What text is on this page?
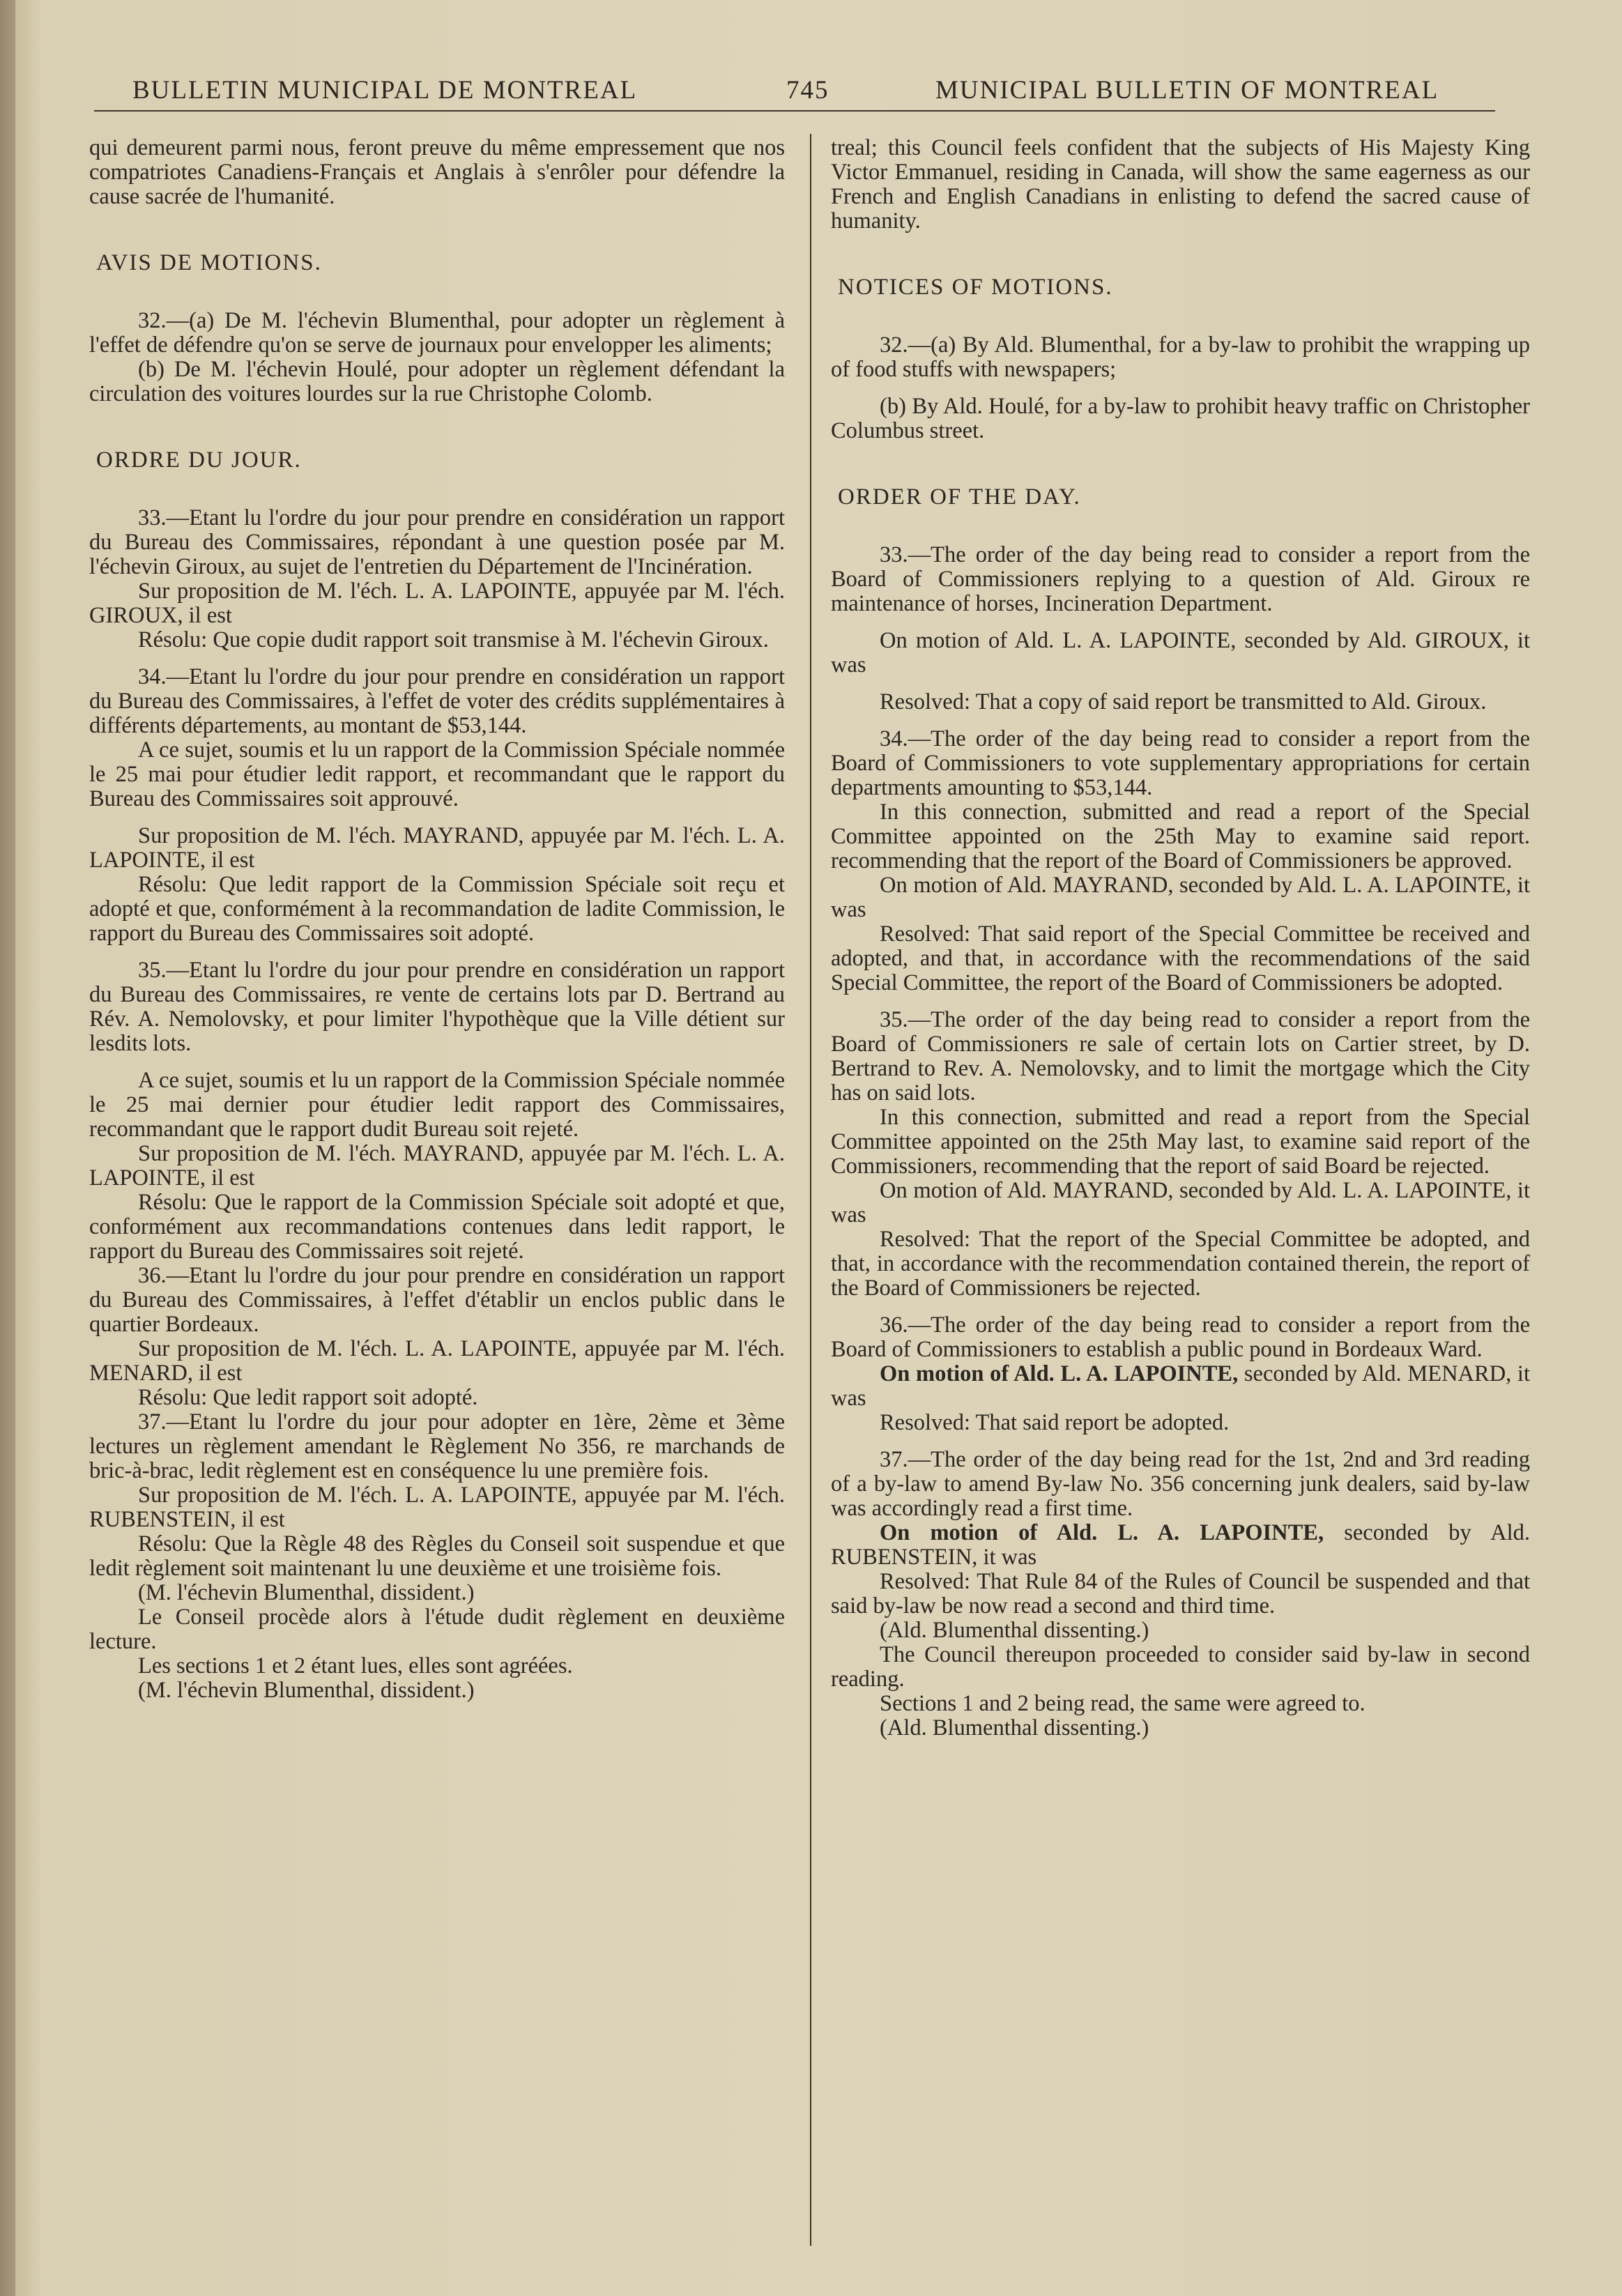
BULLETIN MUNICIPAL DE MONTREAL	745	MUNICIPAL BULLETIN OF MONTREAL

qui demeurent parmi nous, feront preuve du même empressement que nos compatriotes Canadiens-Français et Anglais à s'enrôler pour défendre la cause sacrée de l'humanité.

AVIS DE MOTIONS.

32.—(a) De M. l'échevin Blumenthal, pour adopter un règlement à l'effet de défendre qu'on se serve de journaux pour envelopper les aliments;

(b) De M. l'échevin Houlé, pour adopter un règlement défendant la circulation des voitures lourdes sur la rue Christophe Colomb.

ORDRE DU JOUR.

33.—Etant lu l'ordre du jour pour prendre en considération un rapport du Bureau des Commissaires, répondant à une question posée par M. l'échevin Giroux, au sujet de l'entretien du Département de l'Incinération.

Sur proposition de M. l'éch. L. A. LAPOINTE, appuyée par M. l'éch. GIROUX, il est

Résolu: Que copie dudit rapport soit transmise à M. l'échevin Giroux.

34.—Etant lu l'ordre du jour pour prendre en considération un rapport du Bureau des Commissaires, à l'effet de voter des crédits supplémentaires à différents départements, au montant de $53,144.

A ce sujet, soumis et lu un rapport de la Commission Spéciale nommée le 25 mai pour étudier ledit rapport, et recommandant que le rapport du Bureau des Commissaires soit approuvé.

Sur proposition de M. l'éch. MAYRAND, appuyée par M. l'éch. L. A. LAPOINTE, il est

Résolu: Que ledit rapport de la Commission Spéciale soit reçu et adopté et que, conformément à la recommandation de ladite Commission, le rapport du Bureau des Commissaires soit adopté.

35.—Etant lu l'ordre du jour pour prendre en considération un rapport du Bureau des Commissaires, re vente de certains lots par D. Bertrand au Rév. A. Nemolovsky, et pour limiter l'hypothèque que la Ville détient sur lesdits lots.

A ce sujet, soumis et lu un rapport de la Commission Spéciale nommée le 25 mai dernier pour étudier ledit rapport des Commissaires, recommandant que le rapport dudit Bureau soit rejeté.

Sur proposition de M. l'éch. MAYRAND, appuyée par M. l'éch. L. A. LAPOINTE, il est

Résolu: Que le rapport de la Commission Spéciale soit adopté et que, conformément aux recommandations contenues dans ledit rapport, le rapport du Bureau des Commissaires soit rejeté.

36.—Etant lu l'ordre du jour pour prendre en considération un rapport du Bureau des Commissaires, à l'effet d'établir un enclos public dans le quartier Bordeaux.

Sur proposition de M. l'éch. L. A. LAPOINTE, appuyée par M. l'éch. MENARD, il est

Résolu: Que ledit rapport soit adopté.

37.—Etant lu l'ordre du jour pour adopter en 1ère, 2ème et 3ème lectures un règlement amendant le Règlement No 356, re marchands de bric-à-brac, ledit règlement est en conséquence lu une première fois.

Sur proposition de M. l'éch. L. A. LAPOINTE, appuyée par M. l'éch. RUBENSTEIN, il est

Résolu: Que la Règle 48 des Règles du Conseil soit suspendue et que ledit règlement soit maintenant lu une deuxième et une troisième fois.

(M. l'échevin Blumenthal, dissident.)

Le Conseil procède alors à l'étude dudit règlement en deuxième lecture.

Les sections 1 et 2 étant lues, elles sont agréées.

(M. l'échevin Blumenthal, dissident.)

treal; this Council feels confident that the subjects of His Majesty King Victor Emmanuel, residing in Canada, will show the same eagerness as our French and English Canadians in enlisting to defend the sacred cause of humanity.

NOTICES OF MOTIONS.

32.—(a) By Ald. Blumenthal, for a by-law to prohibit the wrapping up of food stuffs with newspapers;

(b) By Ald. Houlé, for a by-law to prohibit heavy traffic on Christopher Columbus street.

ORDER OF THE DAY.

33.—The order of the day being read to consider a report from the Board of Commissioners replying to a question of Ald. Giroux re maintenance of horses, Incineration Department.

On motion of Ald. L. A. LAPOINTE, seconded by Ald. GIROUX, it was

Resolved: That a copy of said report be transmitted to Ald. Giroux.

34.—The order of the day being read to consider a report from the Board of Commissioners to vote supplementary appropriations for certain departments amounting to $53,144.

In this connection, submitted and read a report of the Special Committee appointed on the 25th May to examine said report. recommending that the report of the Board of Commissioners be approved.

On motion of Ald. MAYRAND, seconded by Ald. L. A. LAPOINTE, it was

Resolved: That said report of the Special Committee be received and adopted, and that, in accordance with the recommendations of the said Special Committee, the report of the Board of Commissioners be adopted.

35.—The order of the day being read to consider a report from the Board of Commissioners re sale of certain lots on Cartier street, by D. Bertrand to Rev. A. Nemolovsky, and to limit the mortgage which the City has on said lots.

In this connection, submitted and read a report from the Special Committee appointed on the 25th May last, to examine said report of the Commissioners, recommending that the report of said Board be rejected.

On motion of Ald. MAYRAND, seconded by Ald. L. A. LAPOINTE, it was

Resolved: That the report of the Special Committee be adopted, and that, in accordance with the recommendation contained therein, the report of the Board of Commissioners be rejected.

36.—The order of the day being read to consider a report from the Board of Commissioners to establish a public pound in Bordeaux Ward.

On motion of Ald. L. A. LAPOINTE, seconded by Ald. MENARD, it was

Resolved: That said report be adopted.

37.—The order of the day being read for the 1st, 2nd and 3rd reading of a by-law to amend By-law No. 356 concerning junk dealers, said by-law was accordingly read a first time.

On motion of Ald. L. A. LAPOINTE, seconded by Ald. RUBENSTEIN, it was

Resolved: That Rule 84 of the Rules of Council be suspended and that said by-law be now read a second and third time.

(Ald. Blumenthal dissenting.)

The Council thereupon proceeded to consider said by-law in second reading.

Sections 1 and 2 being read, the same were agreed to.

(Ald. Blumenthal dissenting.)
